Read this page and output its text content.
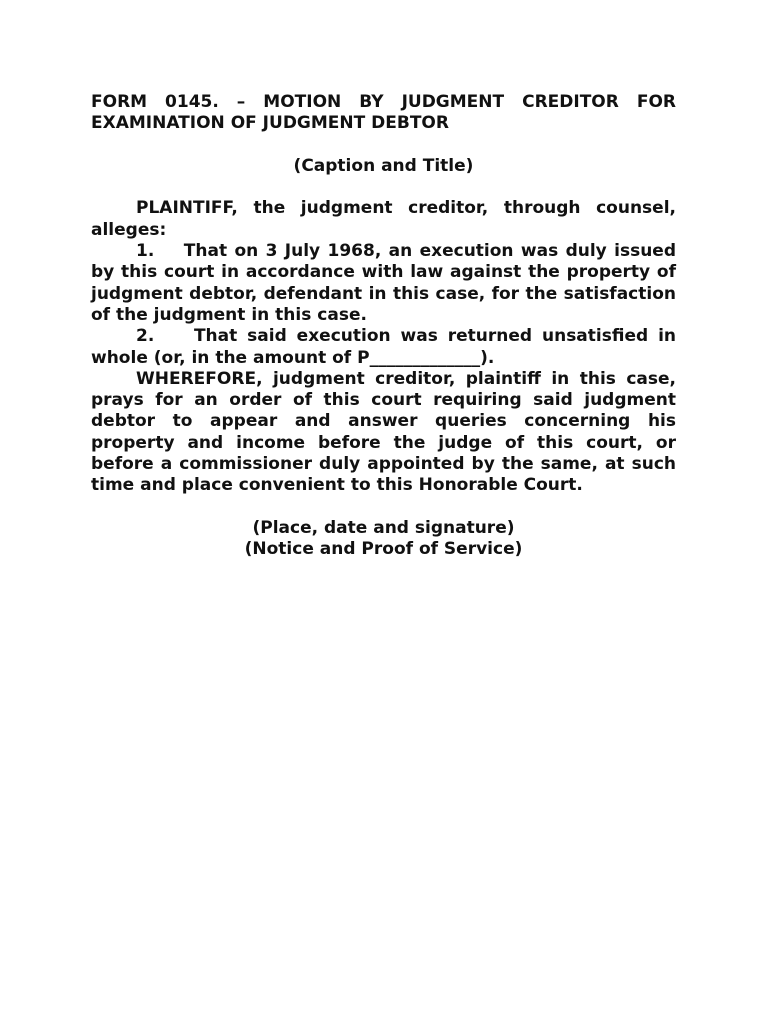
FORM 0145. – MOTION BY JUDGMENT CREDITOR FOR EXAMINATION OF JUDGMENT DEBTOR

(Caption and Title)

PLAINTIFF, the judgment creditor, through counsel, alleges:

1.    That on 3 July 1968, an execution was duly issued by this court in accordance with law against the property of judgment debtor, defendant in this case, for the satisfaction of the judgment in this case.

2.    That said execution was returned unsatisfied in whole (or, in the amount of P_____________).

WHEREFORE, judgment creditor, plaintiff in this case, prays for an order of this court requiring said judgment debtor to appear and answer queries concerning his property and income before the judge of this court, or before a commissioner duly appointed by the same, at such time and place convenient to this Honorable Court.

(Place, date and signature)

(Notice and Proof of Service)
